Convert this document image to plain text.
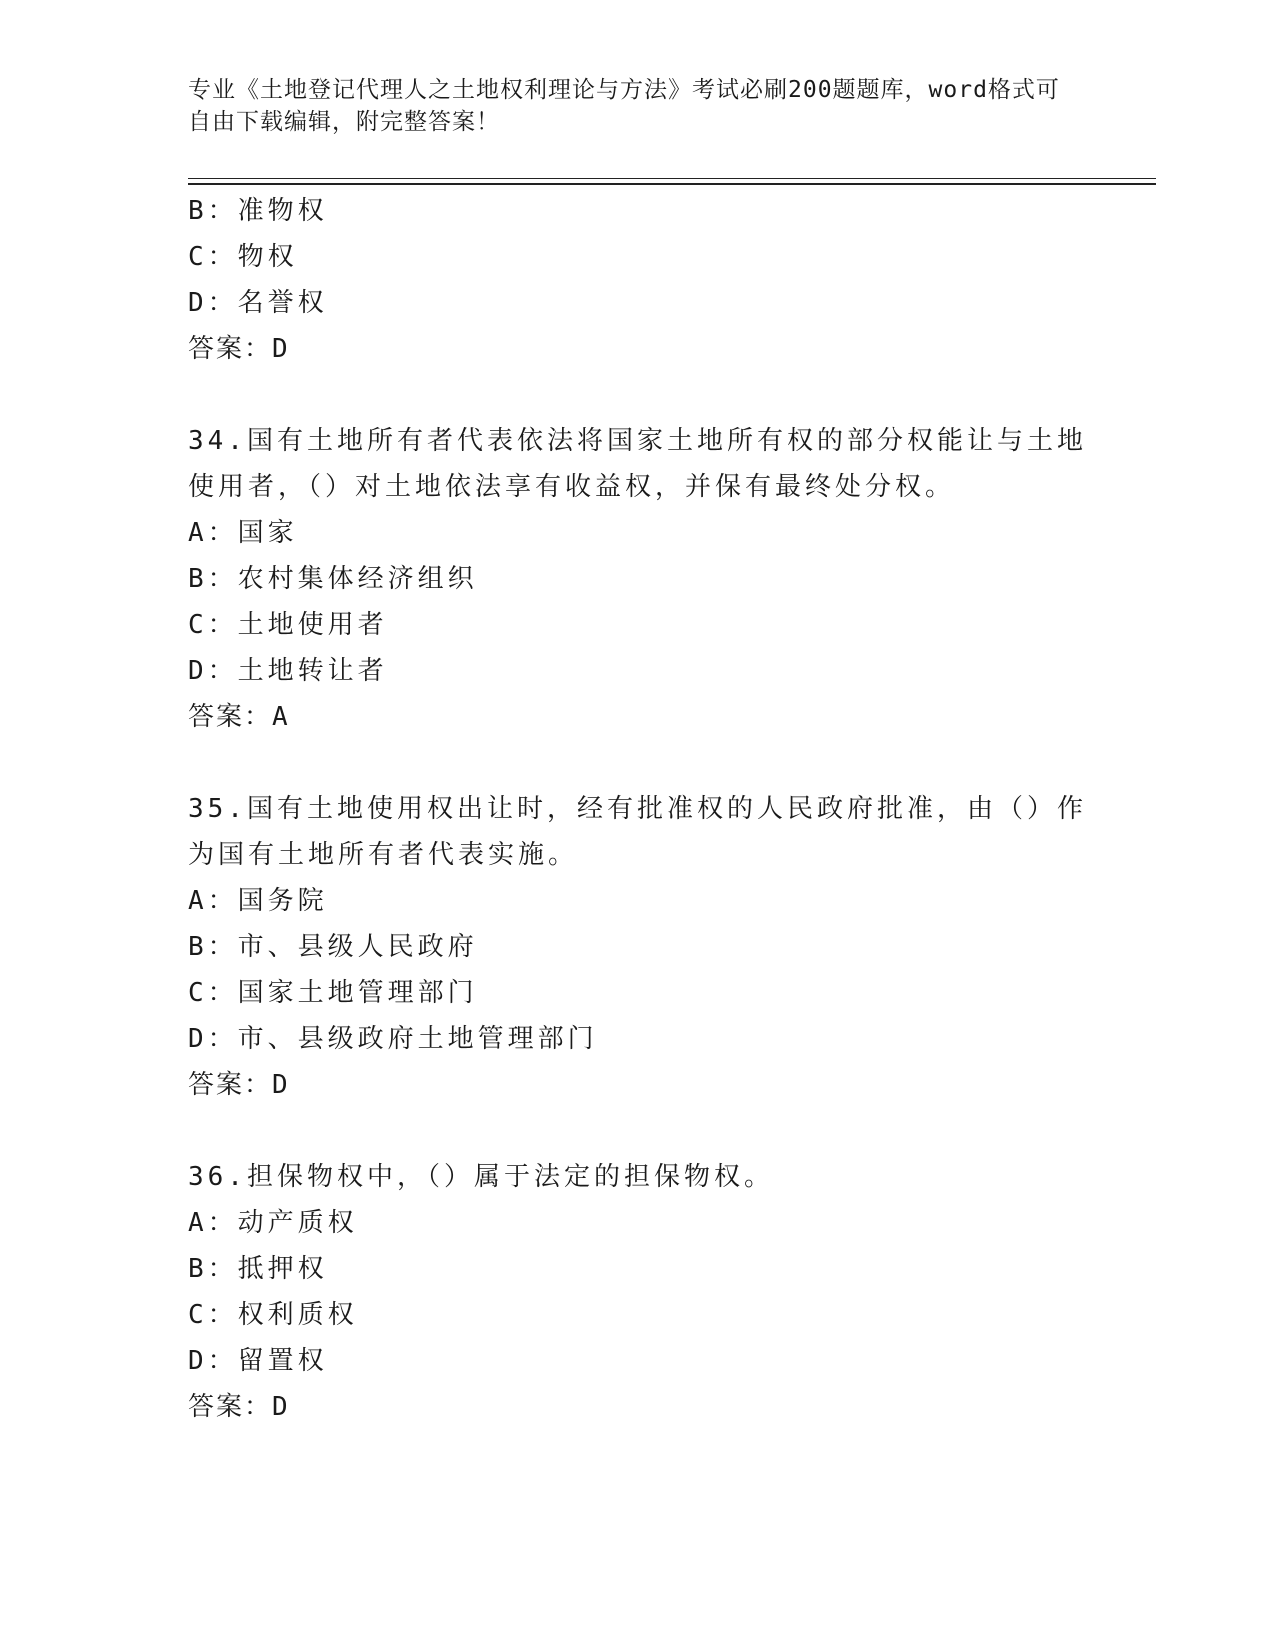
专业《土地登记代理人之土地权利理论与方法》考试必刷200题题库，word格式可自由下载编辑，附完整答案！
B：准物权
C：物权
D：名誉权
答案：D
34.国有土地所有者代表依法将国家土地所有权的部分权能让与土地使用者，（）对土地依法享有收益权，并保有最终处分权。
A：国家
B：农村集体经济组织
C：土地使用者
D：土地转让者
答案：A
35.国有土地使用权出让时，经有批准权的人民政府批准，由（）作为国有土地所有者代表实施。
A：国务院
B：市、县级人民政府
C：国家土地管理部门
D：市、县级政府土地管理部门
答案：D
36.担保物权中，（）属于法定的担保物权。
A：动产质权
B：抵押权
C：权利质权
D：留置权
答案：D
